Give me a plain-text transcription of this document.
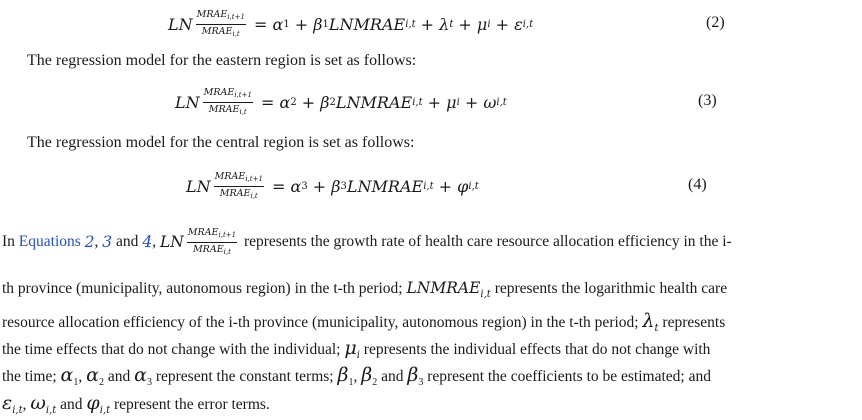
LN $\frac{MRAE_{i,t+1}}{MRAE_{i,t}} = \alpha$ 1 + β 1 LNMRAE i,t + λ t + μ i + ε i,t	(2)
The regression model for the eastern region is set as follows:
LN $\frac{MRAE_{i,t+1}}{MRAE_{i,t}} = \alpha$ 2 + β 2 LNMRAE i,t + μ i + ω i,t	(3)
The regression model for the central region is set as follows:
LN $\frac{MRAE_{i,t+1}}{MRAE_{i,t}} = \alpha$ 3 + β 3 LNMRAE i,t + φ i,t	(4)
In Equations
2 , 3 and 4 , LN $\frac{MRAE_{i,t+1}}{MRAE_{i,t}}$ represents the growth rate of health care resource allocation efficiency in the i-
th province (municipality, autonomous region) in the t-th period; $LNMRAE_{i,t}$ represents the logarithmic health care
resource allocation efficiency of the i-th province (municipality, autonomous region) in the t-th period; $\lambda_t$ represents
the time effects that do not change with the individual; $\mu_i$ represents the individual effects that do not change with
the time; $\alpha_1$, $\alpha_2$ and $\alpha_3$ represent the constant terms; $\beta_1$, $\beta_2$ and $\beta_3$ represent the coefficients to be estimated; and
$\varepsilon_{i,t}$, $\omega_{i,t}$ and $\varphi_{i,t}$ represent the error terms.
